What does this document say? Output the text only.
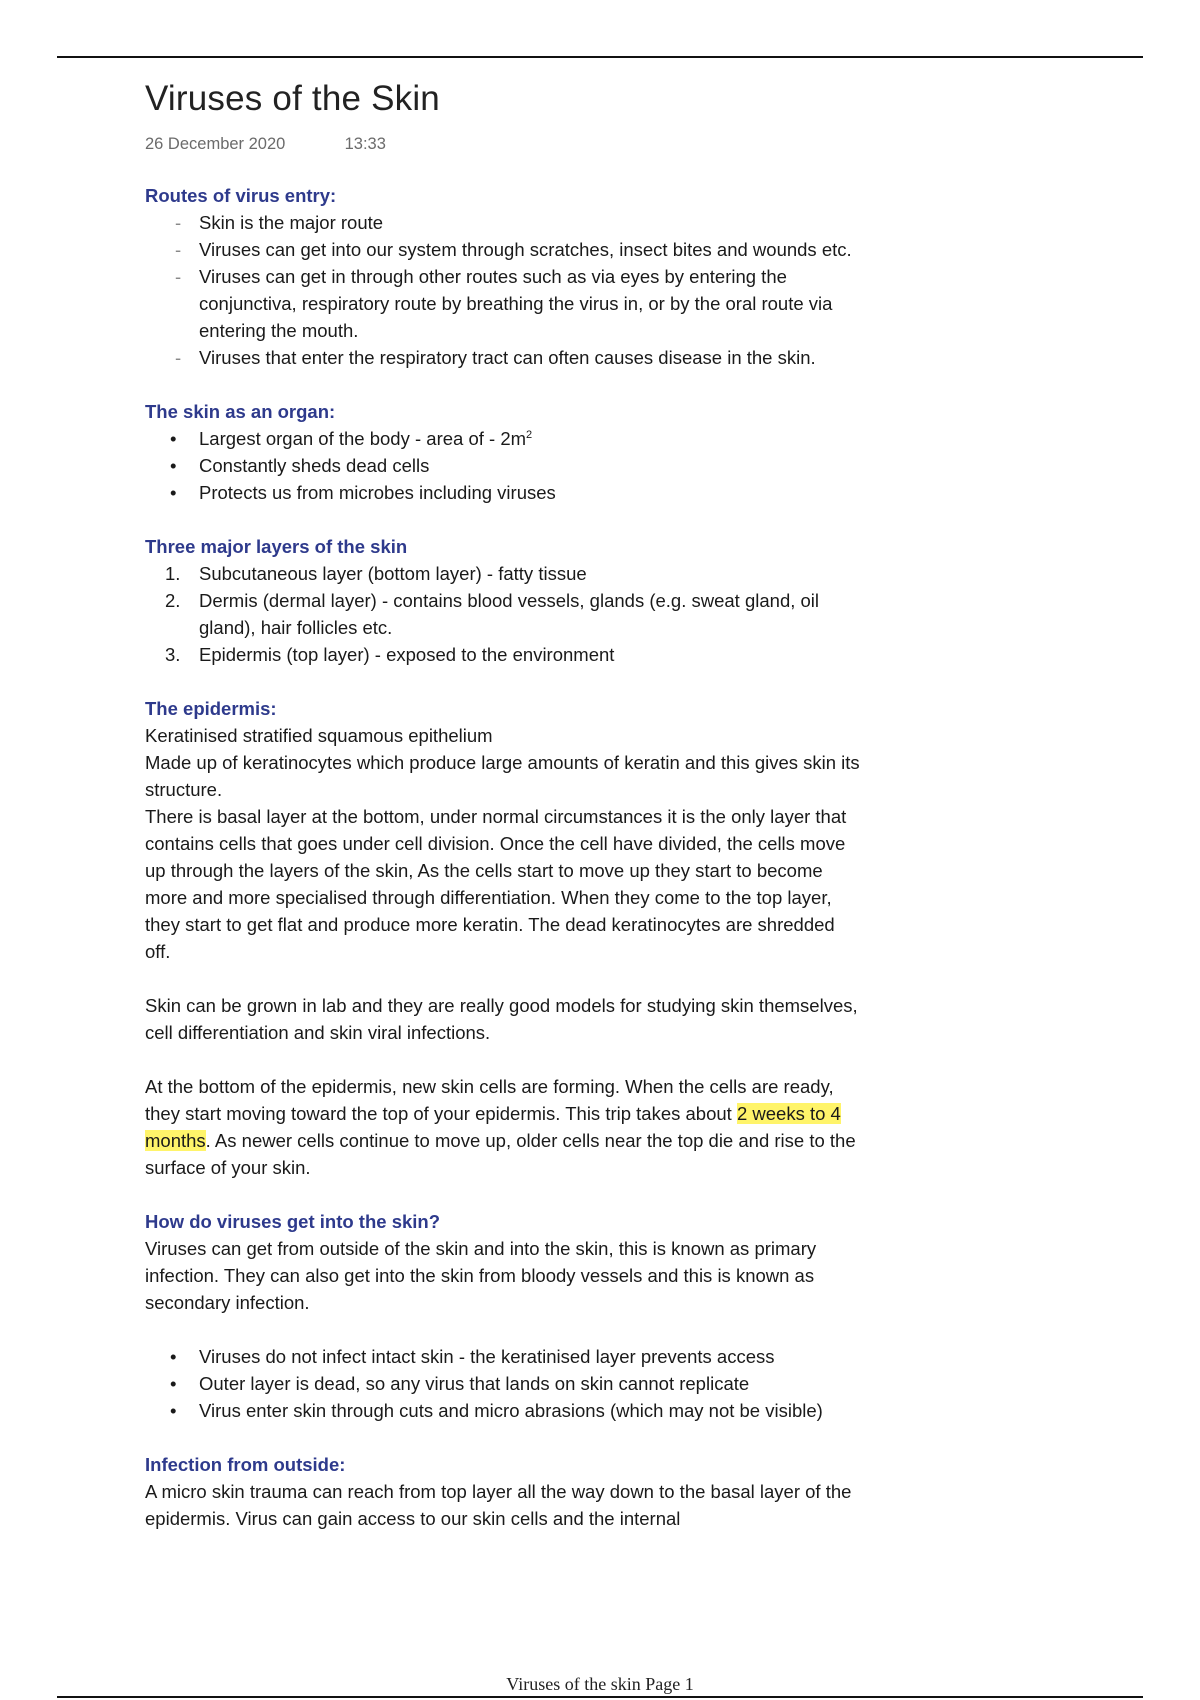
Viruses of the Skin
26 December 2020	13:33
Routes of virus entry:
- Skin is the major route
- Viruses can get into our system through scratches, insect bites and wounds etc.
- Viruses can get in through other routes such as via eyes by entering the conjunctiva, respiratory route by breathing the virus in, or by the oral route via entering the mouth.
- Viruses that enter the respiratory tract can often causes disease in the skin.
The skin as an organ:
•	Largest organ of the body - area of - $2m^2$
•	Constantly sheds dead cells
•	Protects us from microbes including viruses
Three major layers of the skin
1.	Subcutaneous layer (bottom layer) - fatty tissue
2.	Dermis (dermal layer) - contains blood vessels, glands (e.g. sweat gland, oil gland), hair follicles etc.
3.	Epidermis (top layer) - exposed to the environment
The epidermis:

Keratinised stratified squamous epithelium

Made up of keratinocytes which produce large amounts of keratin and this gives skin its structure.

There is basal layer at the bottom, under normal circumstances it is the only layer that contains cells that goes under cell division. Once the cell have divided, the cells move up through the layers of the skin, As the cells start to move up they start to become more and more specialised through differentiation. When they come to the top layer, they start to get flat and produce more keratin. The dead keratinocytes are shredded off.

Skin can be grown in lab and they are really good models for studying skin themselves, cell differentiation and skin viral infections.

At the bottom of the epidermis, new skin cells are forming. When the cells are ready, they start moving toward the top of your epidermis. This trip takes about 2 weeks to 4 months. As newer cells continue to move up, older cells near the top die and rise to the surface of your skin.

How do viruses get into the skin?

Viruses can get from outside of the skin and into the skin, this is known as primary infection. They can also get into the skin from bloody vessels and this is known as secondary infection.

•	Viruses do not infect intact skin - the keratinised layer prevents access
•	Outer layer is dead, so any virus that lands on skin cannot replicate
•	Virus enter skin through cuts and micro abrasions (which may not be visible)
Infection from outside:

A micro skin trauma can reach from top layer all the way down to the basal layer of the epidermis. Virus can gain access to our skin cells and the internal

Viruses of the skin Page 1
